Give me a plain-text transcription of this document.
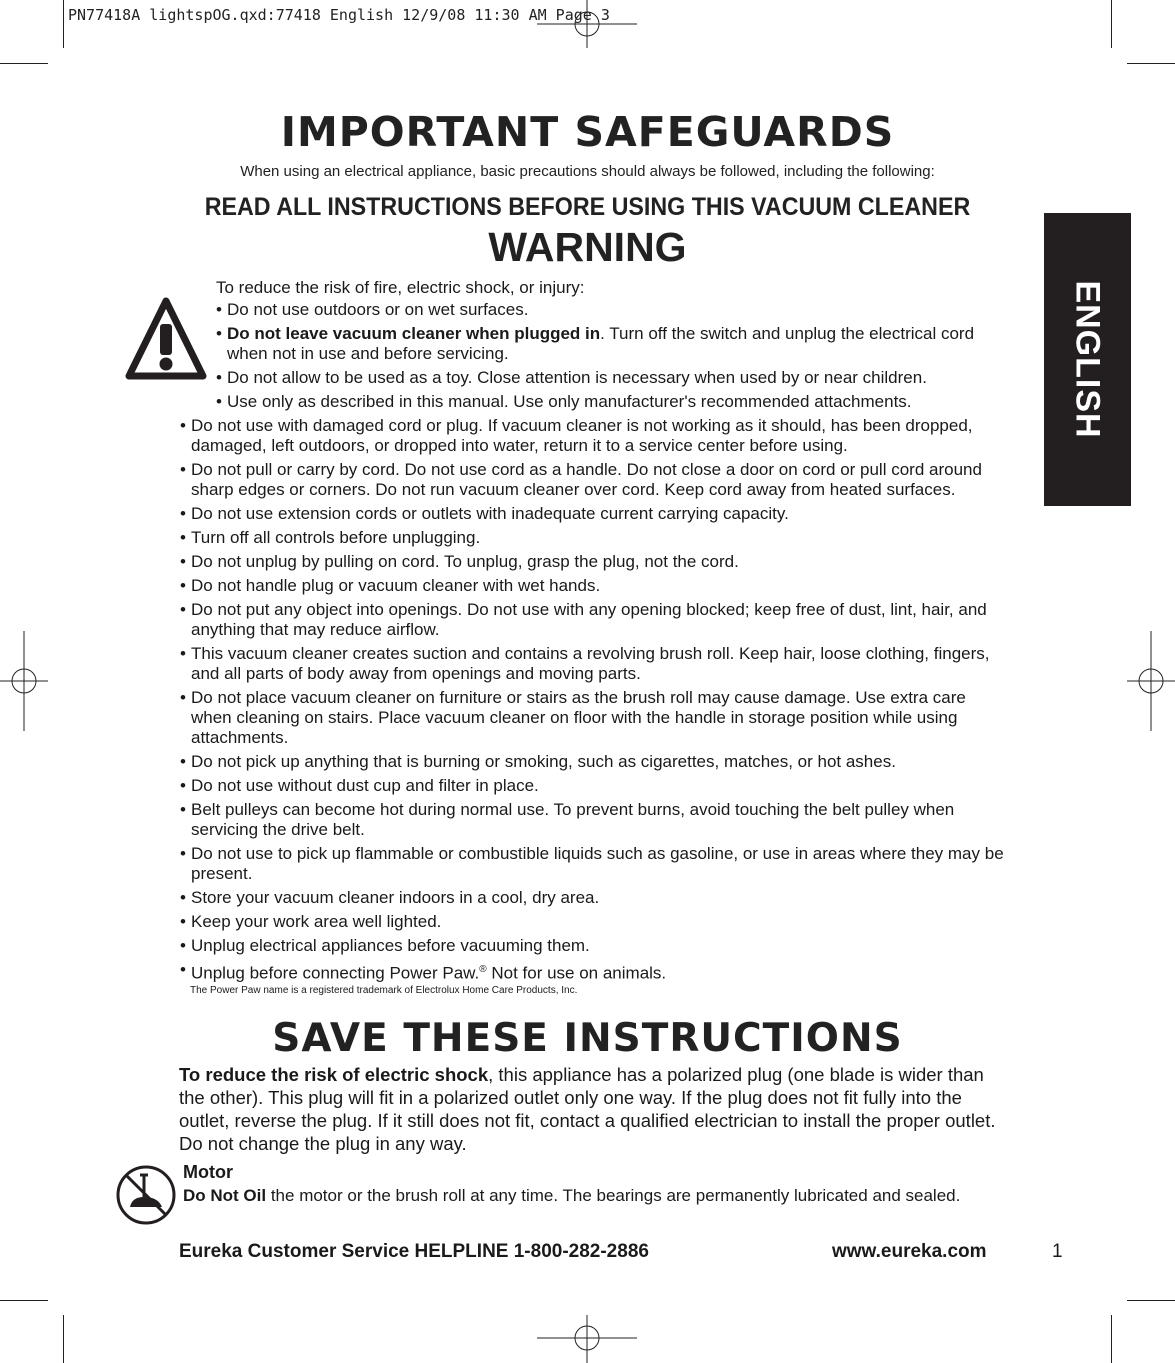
PN77418A lightspOG.qxd:77418 English 12/9/08 11:30 AM Page 3
ENGLISH
IMPORTANT SAFEGUARDS
When using an electrical appliance, basic precautions should always be followed, including the following:
READ ALL INSTRUCTIONS BEFORE USING THIS VACUUM CLEANER
WARNING
To reduce the risk of fire, electric shock, or injury:
• Do not use outdoors or on wet surfaces.
• Do not leave vacuum cleaner when plugged in. Turn off the switch and unplug the electrical cord when not in use and before servicing.
• Do not allow to be used as a toy. Close attention is necessary when used by or near children.
• Use only as described in this manual. Use only manufacturer's recommended attachments.
• Do not use with damaged cord or plug. If vacuum cleaner is not working as it should, has been dropped, damaged, left outdoors, or dropped into water, return it to a service center before using.
• Do not pull or carry by cord. Do not use cord as a handle. Do not close a door on cord or pull cord around sharp edges or corners. Do not run vacuum cleaner over cord. Keep cord away from heated surfaces.
• Do not use extension cords or outlets with inadequate current carrying capacity.
• Turn off all controls before unplugging.
• Do not unplug by pulling on cord. To unplug, grasp the plug, not the cord.
• Do not handle plug or vacuum cleaner with wet hands.
• Do not put any object into openings. Do not use with any opening blocked; keep free of dust, lint, hair, and anything that may reduce airflow.
• This vacuum cleaner creates suction and contains a revolving brush roll. Keep hair, loose clothing, fingers, and all parts of body away from openings and moving parts.
• Do not place vacuum cleaner on furniture or stairs as the brush roll may cause damage. Use extra care when cleaning on stairs. Place vacuum cleaner on floor with the handle in storage position while using attachments.
• Do not pick up anything that is burning or smoking, such as cigarettes, matches, or hot ashes.
• Do not use without dust cup and filter in place.
• Belt pulleys can become hot during normal use. To prevent burns, avoid touching the belt pulley when servicing the drive belt.
• Do not use to pick up flammable or combustible liquids such as gasoline, or use in areas where they may be present.
• Store your vacuum cleaner indoors in a cool, dry area.
• Keep your work area well lighted.
• Unplug electrical appliances before vacuuming them.
• Unplug before connecting Power Paw.® Not for use on animals.
The Power Paw name is a registered trademark of Electrolux Home Care Products, Inc.
SAVE THESE INSTRUCTIONS
To reduce the risk of electric shock, this appliance has a polarized plug (one blade is wider than the other). This plug will fit in a polarized outlet only one way. If the plug does not fit fully into the outlet, reverse the plug. If it still does not fit, contact a qualified electrician to install the proper outlet. Do not change the plug in any way.
Motor
Do Not Oil the motor or the brush roll at any time. The bearings are permanently lubricated and sealed.
Eureka Customer Service HELPLINE 1-800-282-2886	www.eureka.com	1
